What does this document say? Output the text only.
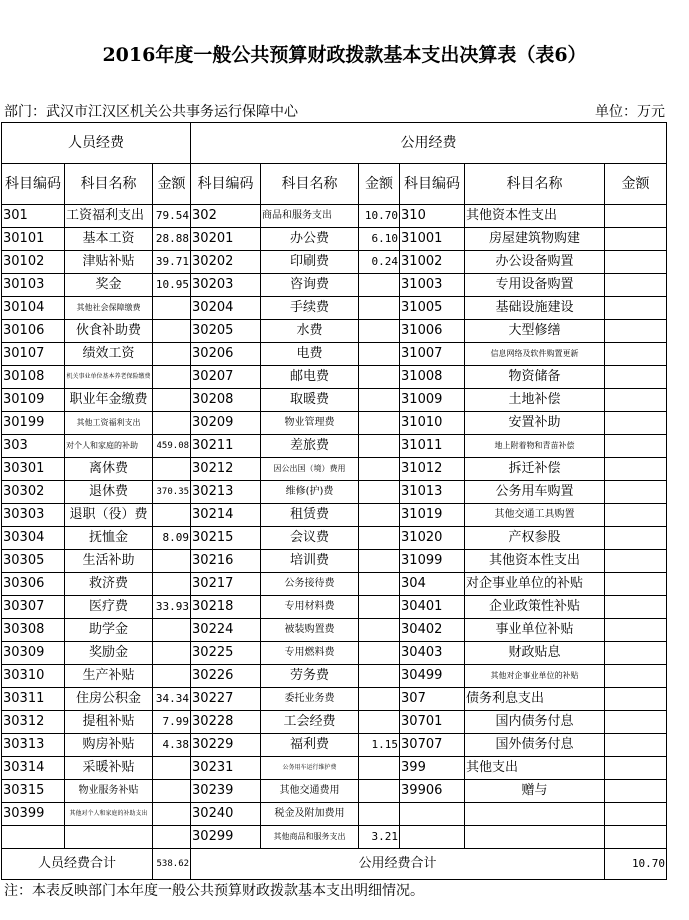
2016年度一般公共预算财政拨款基本支出决算表（表6）
部门：武汉市江汉区机关公共事务运行保障中心	单位：万元
人员经费			公用经费					
科目编码	科目名称	金额	科目编码	科目名称	金额	科目编码	科目名称	金额
301	工资福利支出	79.54	302	商品和服务支出	10.70	310	其他资本性支出	
30101	基本工资	28.88	30201	办公费	6.10	31001	房屋建筑物购建	
30102	津贴补贴	39.71	30202	印刷费	0.24	31002	办公设备购置	
30103	奖金	10.95	30203	咨询费		31003	专用设备购置	
30104	其他社会保障缴费		30204	手续费		31005	基础设施建设	
30106	伙食补助费		30205	水费		31006	大型修缮	
30107	绩效工资		30206	电费		31007	信息网络及软件购置更新	
30108	机关事业单位基本养老保险缴费		30207	邮电费		31008	物资储备	
30109	职业年金缴费		30208	取暖费		31009	土地补偿	
30199	其他工资福利支出		30209	物业管理费		31010	安置补助	
303	对个人和家庭的补助	459.08	30211	差旅费		31011	地上附着物和青苗补偿	
30301	离休费		30212	因公出国（境）费用		31012	拆迁补偿	
30302	退休费	370.35	30213	维修(护)费		31013	公务用车购置	
30303	退职（役）费		30214	租赁费		31019	其他交通工具购置	
30304	抚恤金	8.09	30215	会议费		31020	产权参股	
30305	生活补助		30216	培训费		31099	其他资本性支出	
30306	救济费		30217	公务接待费		304	对企事业单位的补贴	
30307	医疗费	33.93	30218	专用材料费		30401	企业政策性补贴	
30308	助学金		30224	被装购置费		30402	事业单位补贴	
30309	奖励金		30225	专用燃料费		30403	财政贴息	
30310	生产补贴		30226	劳务费		30499	其他对企事业单位的补贴	
30311	住房公积金	34.34	30227	委托业务费		307	债务利息支出	
30312	提租补贴	7.99	30228	工会经费		30701	国内债务付息	
30313	购房补贴	4.38	30229	福利费	1.15	30707	国外债务付息	
30314	采暖补贴		30231	公务用车运行维护费		399	其他支出	
30315	物业服务补贴		30239	其他交通费用		39906	赠与	
30399	其他对个人和家庭的补助支出		30240	税金及附加费用				
			30299	其他商品和服务支出	3.21			
人员经费合计		538.62	公用经费合计					10.70
注：本表反映部门本年度一般公共预算财政拨款基本支出明细情况。
